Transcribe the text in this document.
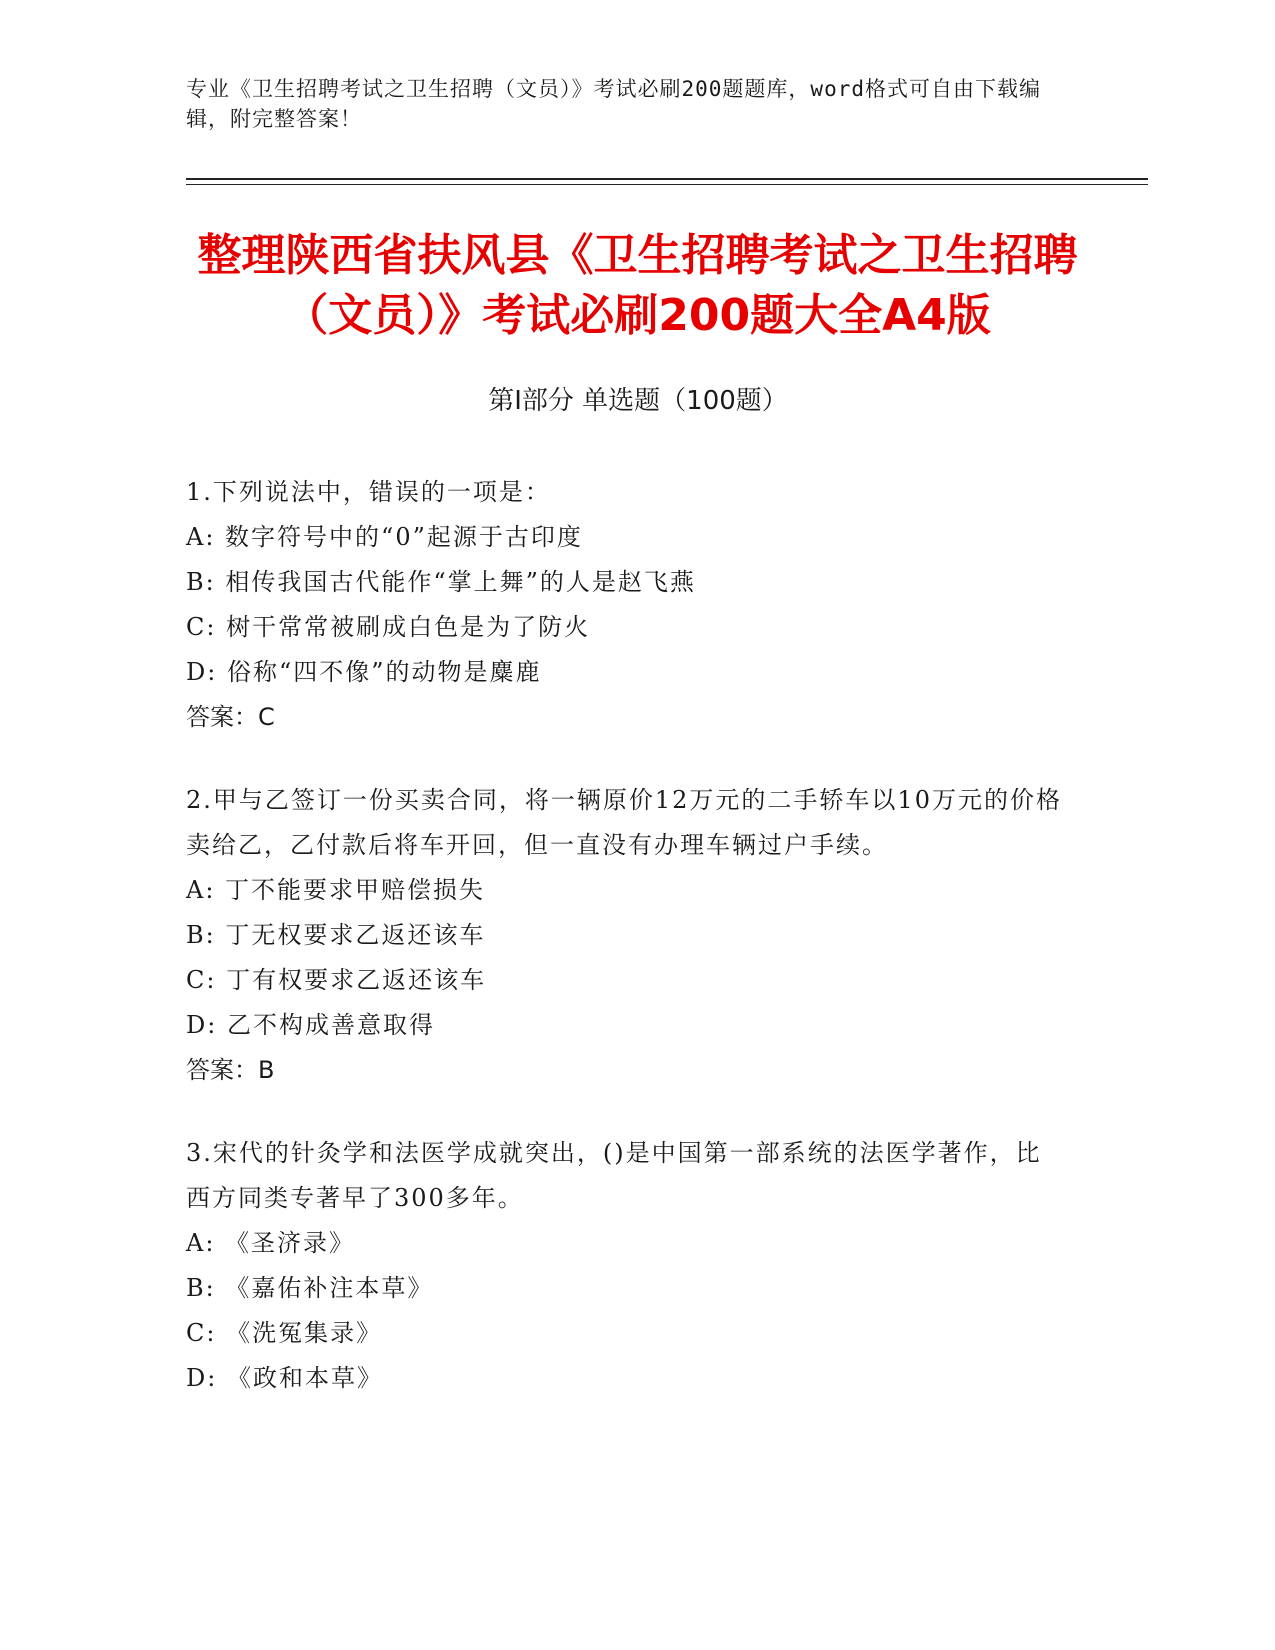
专业《卫生招聘考试之卫生招聘（文员）》考试必刷200题题库，word格式可自由下载编辑，附完整答案！
整理陕西省扶风县《卫生招聘考试之卫生招聘（文员）》考试必刷200题大全A4版
第Ⅰ部分 单选题（100题）
1.下列说法中，错误的一项是：
A: 数字符号中的“0”起源于古印度
B: 相传我国古代能作“掌上舞”的人是赵飞燕
C: 树干常常被刷成白色是为了防火
D: 俗称“四不像”的动物是麋鹿
答案：C
2.甲与乙签订一份买卖合同，将一辆原价12万元的二手轿车以10万元的价格卖给乙，乙付款后将车开回，但一直没有办理车辆过户手续。
A: 丁不能要求甲赔偿损失
B: 丁无权要求乙返还该车
C: 丁有权要求乙返还该车
D: 乙不构成善意取得
答案：B
3.宋代的针灸学和法医学成就突出，()是中国第一部系统的法医学著作，比西方同类专著早了300多年。
A: 《圣济录》
B: 《嘉佑补注本草》
C: 《洗冤集录》
D: 《政和本草》
